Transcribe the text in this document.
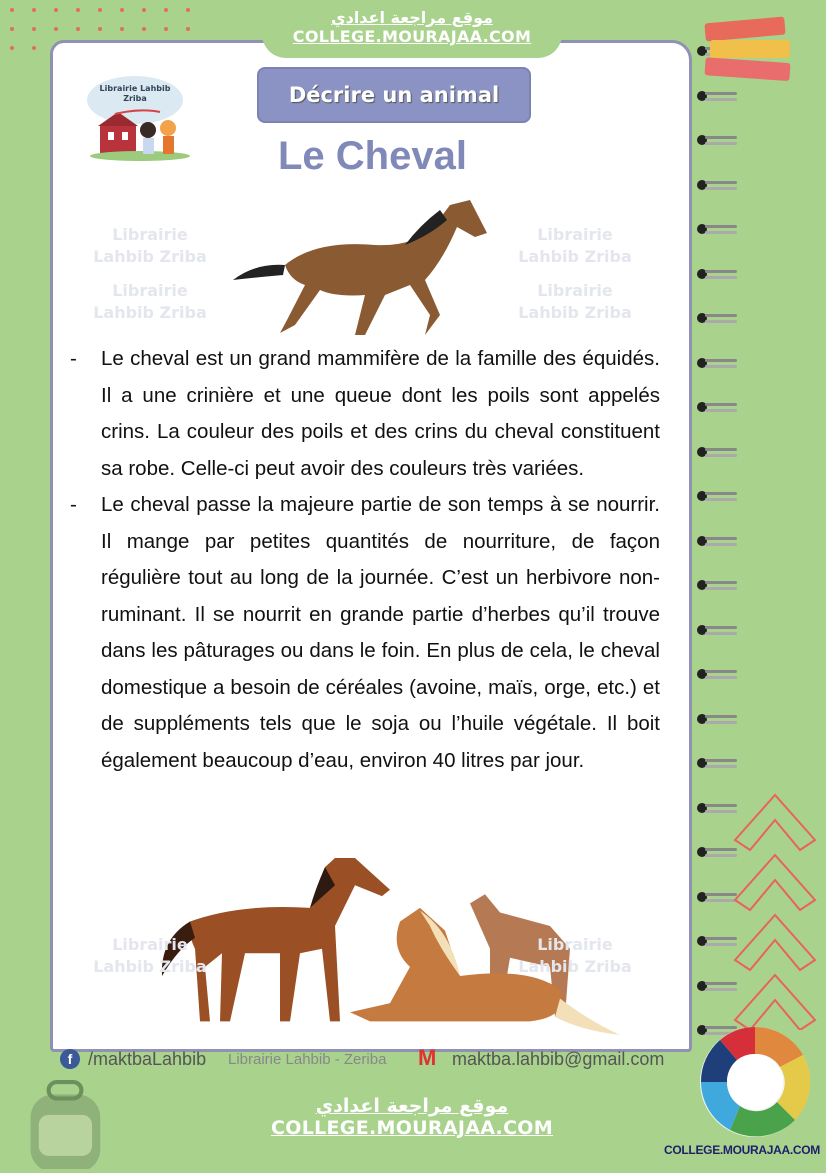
موقع مراجعة اعدادي
COLLEGE.MOURAJAA.COM
Librairie Lahbib Zriba	Décrire un animal
Le Cheval
-	Le cheval est un grand mammifère de la famille des équidés. Il a une crinière et une queue dont les poils sont appelés crins. La couleur des poils et des crins du cheval constituent sa robe. Celle-ci peut avoir des couleurs très variées.

-	Le cheval passe la majeure partie de son temps à se nourrir. Il mange par petites quantités de nourriture, de façon régulière tout au long de la journée. C’est un herbivore non-ruminant. Il se nourrit en grande partie d’herbes qu’il trouve dans les pâturages ou dans le foin. En plus de cela, le cheval domestique a besoin de céréales (avoine, maïs, orge, etc.) et de suppléments tels que le soja ou l’huile végétale. Il boit également beaucoup d’eau, environ 40 litres par jour.

Librairie Lahbib Zriba
Librairie Lahbib Zriba
Librairie Lahbib Zriba
Librairie Lahbib Zriba
Librairie Lahbib Zriba
Librairie Lahbib Zriba
f /maktbaLahbib Librairie Lahbib - Zeriba M maktba.lahbib@gmail.com
موقع مراجعة اعدادي
COLLEGE.MOURAJAA.COM
COLLEGE.MOURAJAA.COM
